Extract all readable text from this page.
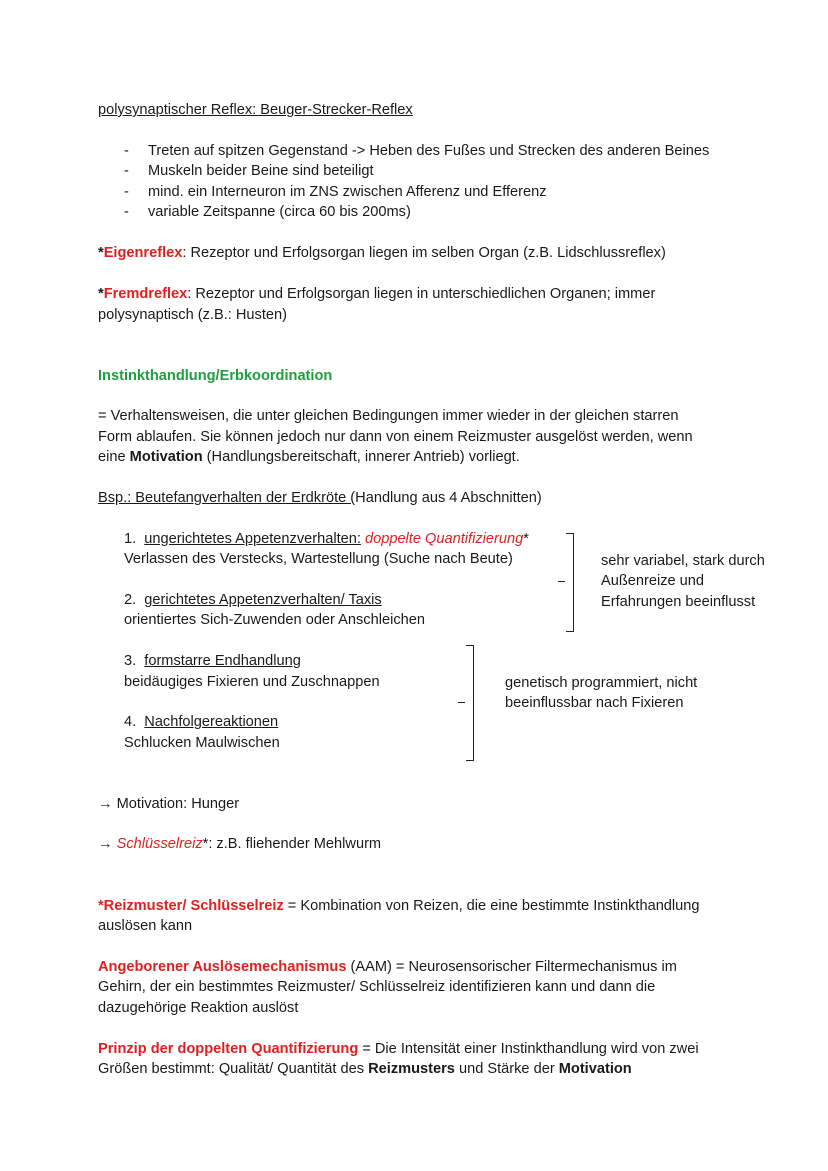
polysynaptischer Reflex: Beuger-Strecker-Reflex
- Treten auf spitzen Gegenstand -> Heben des Fußes und Strecken des anderen Beines
- Muskeln beider Beine sind beteiligt
- mind. ein Interneuron im ZNS zwischen Afferenz und Efferenz
- variable Zeitspanne (circa 60 bis 200ms)
*Eigenreflex: Rezeptor und Erfolgsorgan liegen im selben Organ (z.B. Lidschlussreflex)
*Fremdreflex: Rezeptor und Erfolgsorgan liegen in unterschiedlichen Organen; immer
polysynaptisch (z.B.: Husten)
Instinkthandlung/Erbkoordination
= Verhaltensweisen, die unter gleichen Bedingungen immer wieder in der gleichen starren
Form ablaufen. Sie können jedoch nur dann von einem Reizmuster ausgelöst werden, wenn
eine Motivation (Handlungsbereitschaft, innerer Antrieb) vorliegt.
Bsp.: Beutefangverhalten der Erdkröte (Handlung aus 4 Abschnitten)
1. ungerichtetes Appetenzverhalten: doppelte Quantifizierung*
Verlassen des Verstecks, Wartestellung (Suche nach Beute)
2. gerichtetes Appetenzverhalten/ Taxis
orientiertes Sich-Zuwenden oder Anschleichen
3. formstarre Endhandlung
beidäugiges Fixieren und Zuschnappen
4. Nachfolgereaktionen
Schlucken Maulwischen
sehr variabel, stark durch
Außenreize und
Erfahrungen beeinflusst
genetisch programmiert, nicht
beeinflussbar nach Fixieren
→ Motivation: Hunger
→ Schlüsselreiz*: z.B. fliehender Mehlwurm
*Reizmuster/ Schlüsselreiz = Kombination von Reizen, die eine bestimmte Instinkthandlung
auslösen kann
Angeborener Auslösemechanismus (AAM) = Neurosensorischer Filtermechanismus im
Gehirn, der ein bestimmtes Reizmuster/ Schlüsselreiz identifizieren kann und dann die
dazugehörige Reaktion auslöst
Prinzip der doppelten Quantifizierung = Die Intensität einer Instinkthandlung wird von zwei
Größen bestimmt: Qualität/ Quantität des Reizmusters und Stärke der Motivation
